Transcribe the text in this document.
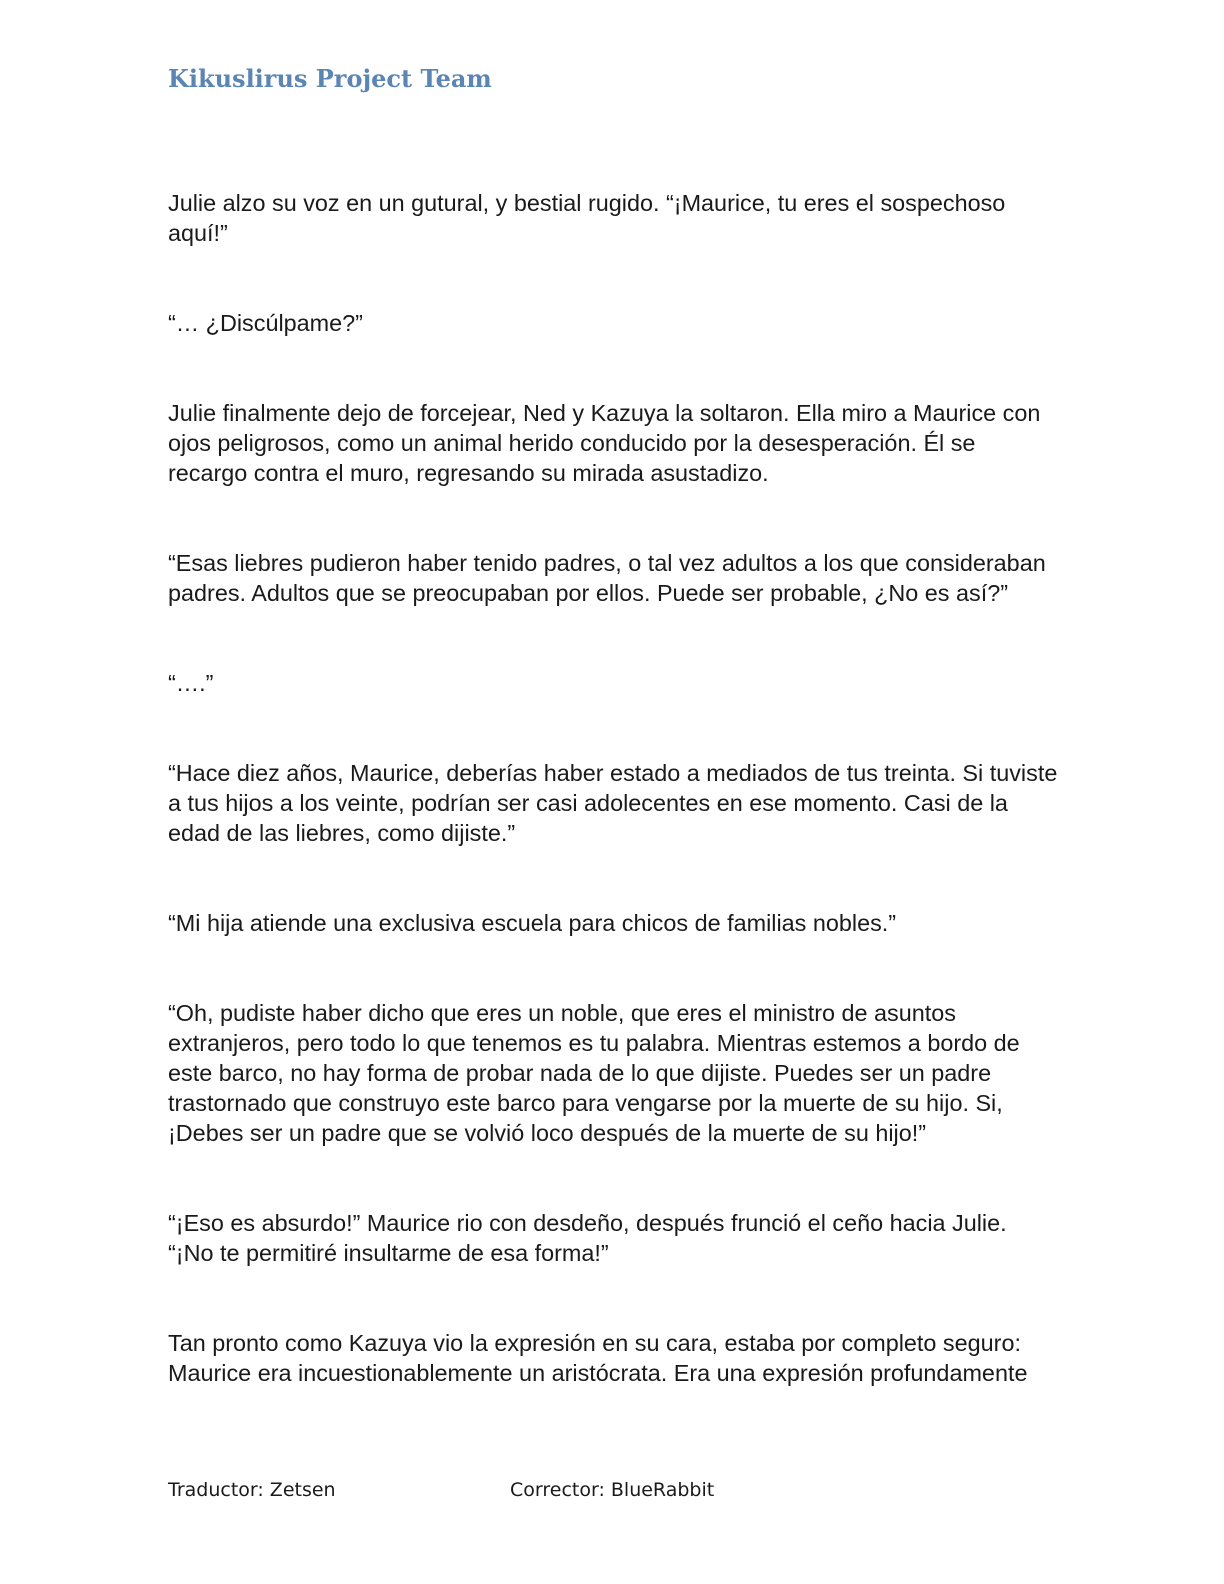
Kikuslirus Project Team

Julie alzo su voz en un gutural, y bestial rugido. “¡Maurice, tu eres el sospechoso aquí!”

“… ¿Discúlpame?”

Julie finalmente dejo de forcejear, Ned y Kazuya la soltaron. Ella miro a Maurice con ojos peligrosos, como un animal herido conducido por la desesperación. Él se recargo contra el muro, regresando su mirada asustadizo.

“Esas liebres pudieron haber tenido padres, o tal vez adultos a los que consideraban padres. Adultos que se preocupaban por ellos. Puede ser probable, ¿No es así?”

“….”

“Hace diez años, Maurice, deberías haber estado a mediados de tus treinta. Si tuviste a tus hijos a los veinte, podrían ser casi adolecentes en ese momento. Casi de la edad de las liebres, como dijiste.”

“Mi hija atiende una exclusiva escuela para chicos de familias nobles.”

“Oh, pudiste haber dicho que eres un noble, que eres el ministro de asuntos extranjeros, pero todo lo que tenemos es tu palabra. Mientras estemos a bordo de este barco, no hay forma de probar nada de lo que dijiste. Puedes ser un padre trastornado que construyo este barco para vengarse por la muerte de su hijo. Si, ¡Debes ser un padre que se volvió loco después de la muerte de su hijo!”

“¡Eso es absurdo!” Maurice rio con desdeño, después frunció el ceño hacia Julie. “¡No te permitiré insultarme de esa forma!”

Tan pronto como Kazuya vio la expresión en su cara, estaba por completo seguro: Maurice era incuestionablemente un aristócrata. Era una expresión profundamente

Traductor: Zetsen	Corrector: BlueRabbit
